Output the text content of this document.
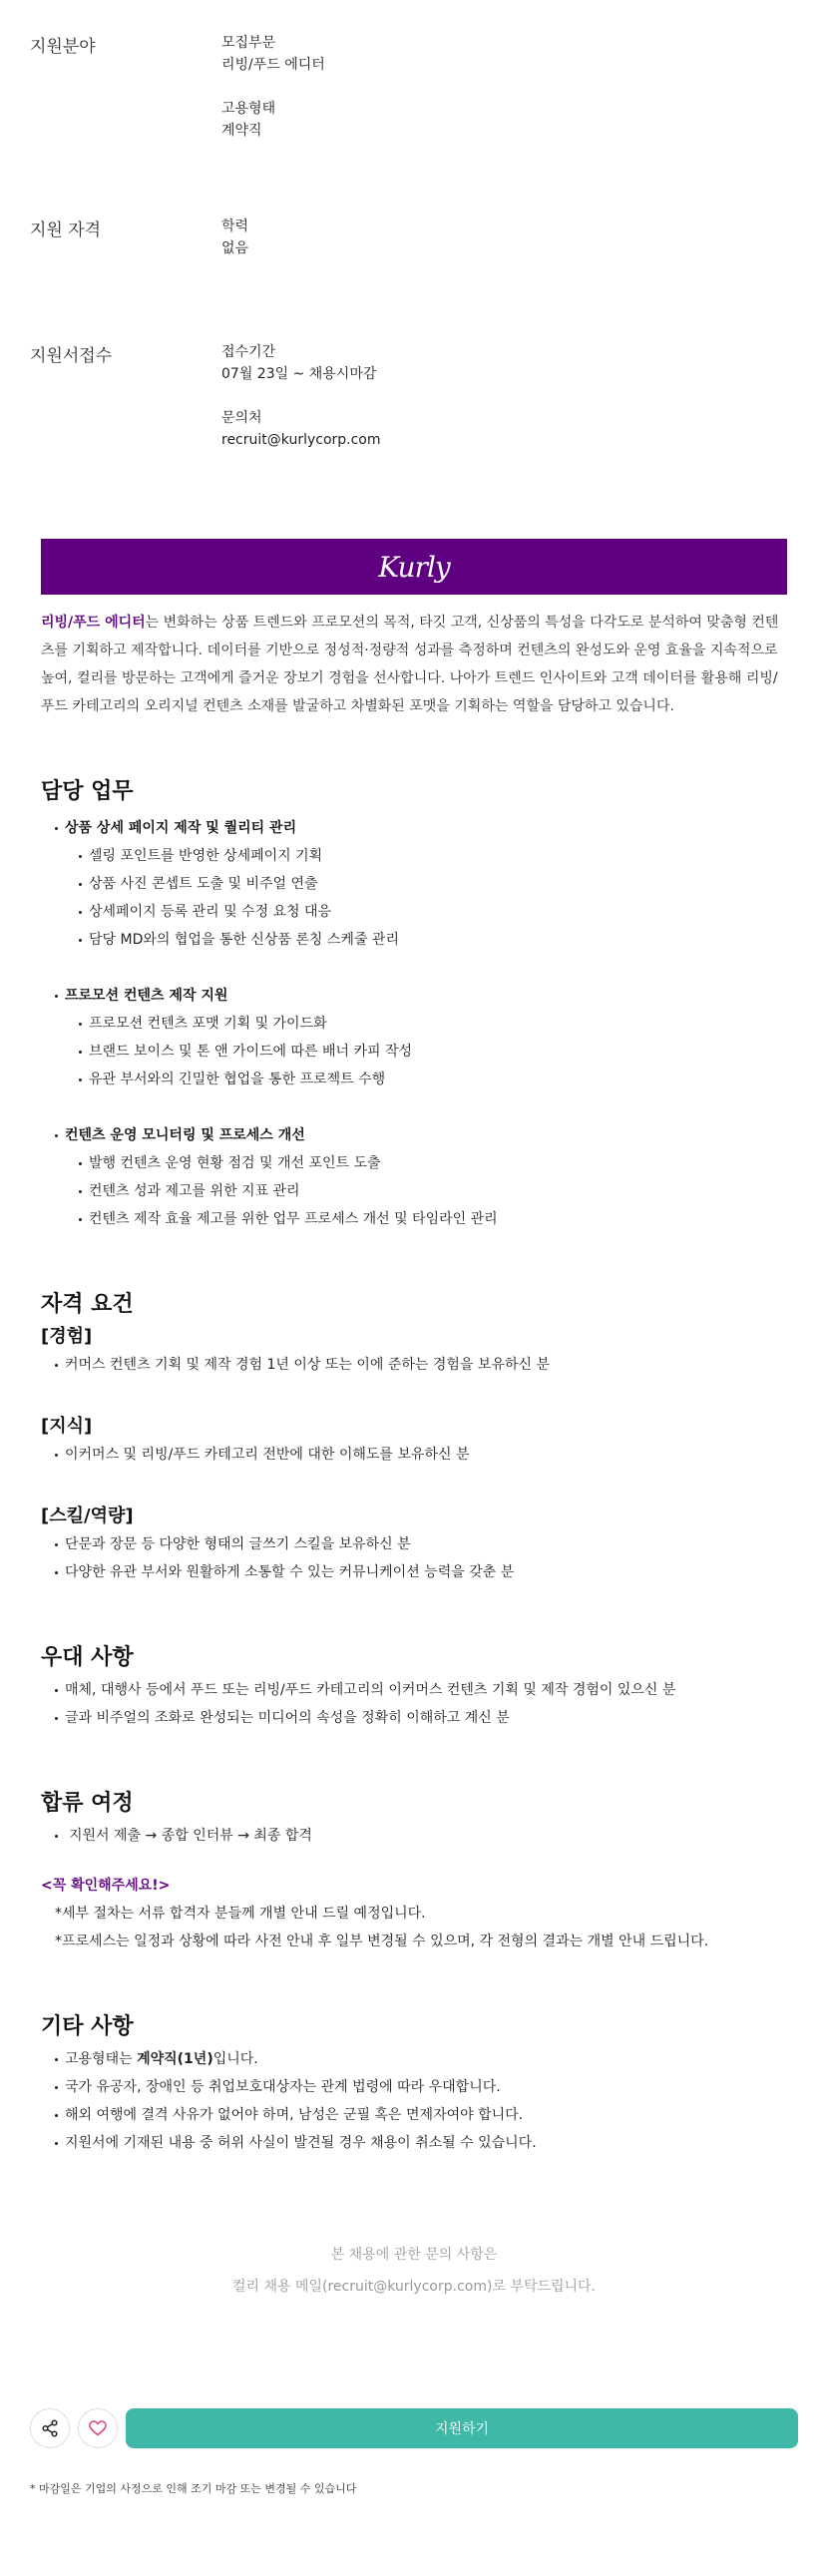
지원분야	모집부문
리빙/푸드 에디터
고용형태
계약직
지원 자격	학력
없음
지원서접수	접수기간
07월 23일 ~ 채용시마감
문의처
recruit@kurlycorp.com
Kurly

리빙/푸드 에디터는 변화하는 상품 트렌드와 프로모션의 목적, 타깃 고객, 신상품의 특성을 다각도로 분석하여 맞춤형 컨텐츠를 기획하고 제작합니다. 데이터를 기반으로 정성적·정량적 성과를 측정하며 컨텐츠의 완성도와 운영 효율을 지속적으로 높여, 컬리를 방문하는 고객에게 즐거운 장보기 경험을 선사합니다. 나아가 트렌드 인사이트와 고객 데이터를 활용해 리빙/푸드 카테고리의 오리지널 컨텐츠 소재를 발굴하고 차별화된 포맷을 기획하는 역할을 담당하고 있습니다.

담당 업무
상품 상세 페이지 제작 및 퀄리티 관리
셀링 포인트를 반영한 상세페이지 기획
상품 사진 콘셉트 도출 및 비주얼 연출
상세페이지 등록 관리 및 수정 요청 대응
담당 MD와의 협업을 통한 신상품 론칭 스케줄 관리
프로모션 컨텐츠 제작 지원
프로모션 컨텐츠 포맷 기획 및 가이드화
브랜드 보이스 및 톤 앤 가이드에 따른 배너 카피 작성
유관 부서와의 긴밀한 협업을 통한 프로젝트 수행
컨텐츠 운영 모니터링 및 프로세스 개선
발행 컨텐츠 운영 현황 점검 및 개선 포인트 도출
컨텐츠 성과 제고를 위한 지표 관리
컨텐츠 제작 효율 제고를 위한 업무 프로세스 개선 및 타임라인 관리
자격 요건
[경험]
커머스 컨텐츠 기획 및 제작 경험 1년 이상 또는 이에 준하는 경험을 보유하신 분
[지식]
이커머스 및 리빙/푸드 카테고리 전반에 대한 이해도를 보유하신 분
[스킬/역량]
단문과 장문 등 다양한 형태의 글쓰기 스킬을 보유하신 분
다양한 유관 부서와 원활하게 소통할 수 있는 커뮤니케이션 능력을 갖춘 분
우대 사항
매체, 대행사 등에서 푸드 또는 리빙/푸드 카테고리의 이커머스 컨텐츠 기획 및 제작 경험이 있으신 분
글과 비주얼의 조화로 완성되는 미디어의 속성을 정확히 이해하고 계신 분
합류 여정
지원서 제출 → 종합 인터뷰 → 최종 합격
<꼭 확인해주세요!>
*세부 절차는 서류 합격자 분들께 개별 안내 드릴 예정입니다.
*프로세스는 일정과 상황에 따라 사전 안내 후 일부 변경될 수 있으며, 각 전형의 결과는 개별 안내 드립니다.
기타 사항
고용형태는 계약직(1년)입니다.
국가 유공자, 장애인 등 취업보호대상자는 관계 법령에 따라 우대합니다.
해외 여행에 결격 사유가 없어야 하며, 남성은 군필 혹은 면제자여야 합니다.
지원서에 기재된 내용 중 허위 사실이 발견될 경우 채용이 취소될 수 있습니다.
본 채용에 관한 문의 사항은
컬리 채용 메일(recruit@kurlycorp.com)로 부탁드립니다.
지원하기
* 마감일은 기업의 사정으로 인해 조기 마감 또는 변경될 수 있습니다
